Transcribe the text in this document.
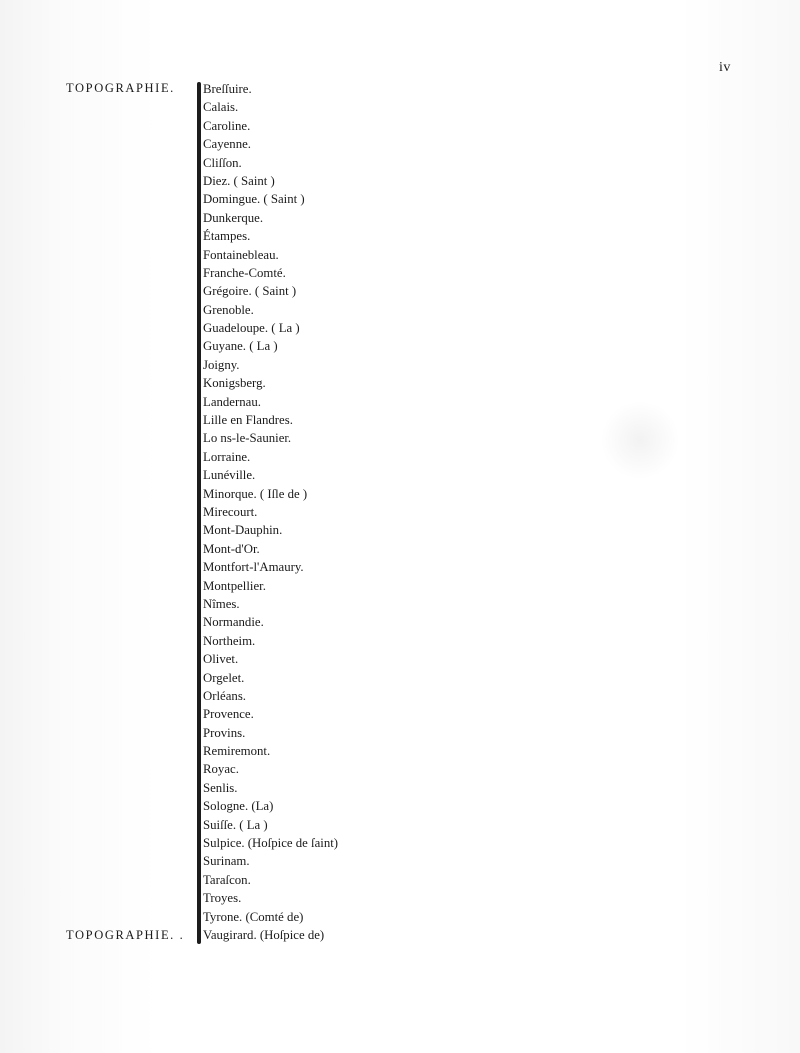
iv
TOPOGRAPHIE.
TOPOGRAPHIE. .
Breſſuire.
Calais.
Caroline.
Cayenne.
Cliſſon.
Diez. ( Saint )
Domingue. ( Saint )
Dunkerque.
Étampes.
Fontainebleau.
Franche-Comté.
Grégoire. ( Saint )
Grenoble.
Guadeloupe. ( La )
Guyane. ( La )
Joigny.
Konigsberg.
Landernau.
Lille en Flandres.
Lo ns-le-Saunier.
Lorraine.
Lunéville.
Minorque. ( Iſle de )
Mirecourt.
Mont-Dauphin.
Mont-d'Or.
Montfort-l'Amaury.
Montpellier.
Nîmes.
Normandie.
Northeim.
Olivet.
Orgelet.
Orléans.
Provence.
Provins.
Remiremont.
Royac.
Senlis.
Sologne. (La)
Suiſſe. ( La )
Sulpice. (Hoſpice de ſaint)
Surinam.
Taraſcon.
Troyes.
Tyrone. (Comté de)
Vaugirard. (Hoſpice de)
